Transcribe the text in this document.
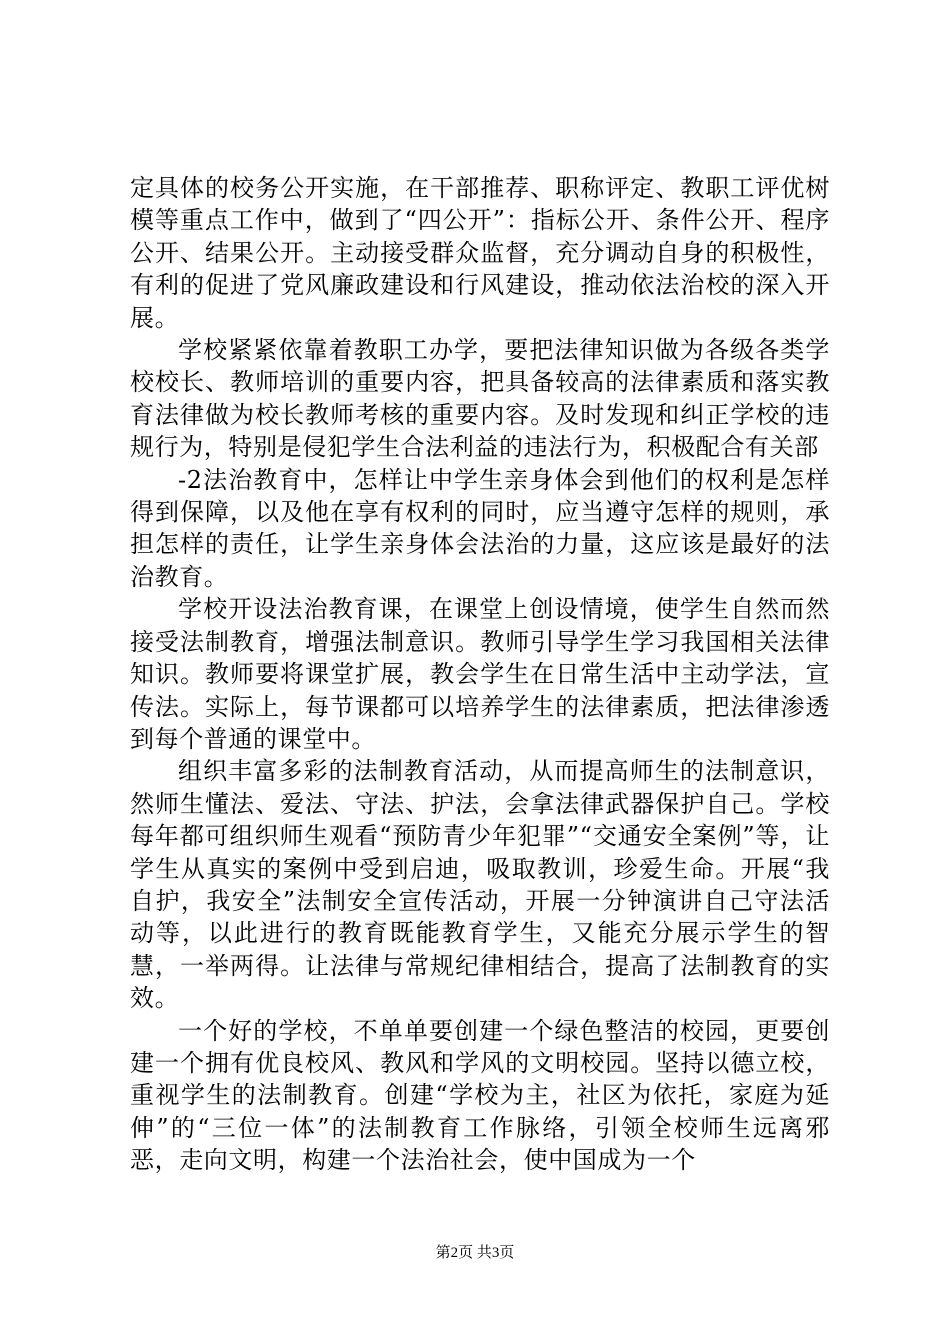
定具体的校务公开实施，在干部推荐、职称评定、教职工评优树模等重点工作中，做到了“四公开”：指标公开、条件公开、程序公开、结果公开。主动接受群众监督，充分调动自身的积极性，有利的促进了党风廉政建设和行风建设，推动依法治校的深入开展。

学校紧紧依靠着教职工办学，要把法律知识做为各级各类学校校长、教师培训的重要内容，把具备较高的法律素质和落实教育法律做为校长教师考核的重要内容。及时发现和纠正学校的违规行为，特别是侵犯学生合法利益的违法行为，积极配合有关部

-2法治教育中，怎样让中学生亲身体会到他们的权利是怎样得到保障，以及他在享有权利的同时，应当遵守怎样的规则，承担怎样的责任，让学生亲身体会法治的力量，这应该是最好的法治教育。

学校开设法治教育课，在课堂上创设情境，使学生自然而然接受法制教育，增强法制意识。教师引导学生学习我国相关法律知识。教师要将课堂扩展，教会学生在日常生活中主动学法，宣传法。实际上，每节课都可以培养学生的法律素质，把法律渗透到每个普通的课堂中。

组织丰富多彩的法制教育活动，从而提高师生的法制意识，然师生懂法、爱法、守法、护法，会拿法律武器保护自己。学校每年都可组织师生观看“预防青少年犯罪”“交通安全案例”等，让学生从真实的案例中受到启迪，吸取教训，珍爱生命。开展“我自护，我安全”法制安全宣传活动，开展一分钟演讲自己守法活动等，以此进行的教育既能教育学生，又能充分展示学生的智慧，一举两得。让法律与常规纪律相结合，提高了法制教育的实效。

一个好的学校，不单单要创建一个绿色整洁的校园，更要创建一个拥有优良校风、教风和学风的文明校园。坚持以德立校，重视学生的法制教育。创建“学校为主，社区为依托，家庭为延伸”的“三位一体”的法制教育工作脉络，引领全校师生远离邪恶，走向文明，构建一个法治社会，使中国成为一个

第2页 共3页
